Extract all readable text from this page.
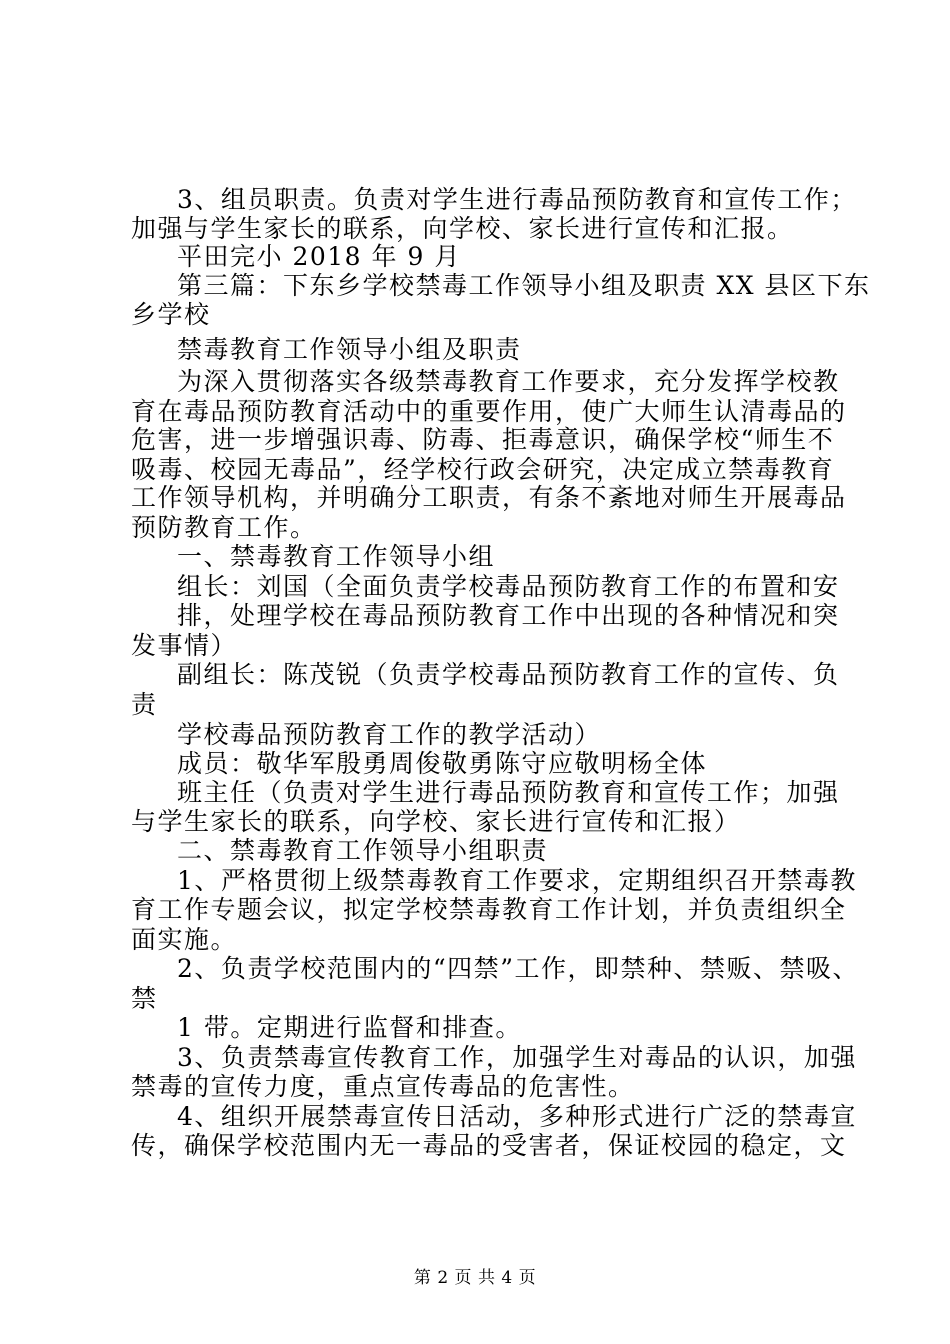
3、组员职责。负责对学生进行毒品预防教育和宣传工作；
加强与学生家长的联系，向学校、家长进行宣传和汇报。
平田完小 2018 年 9 月
第三篇：下东乡学校禁毒工作领导小组及职责 XX 县区下东
乡学校
禁毒教育工作领导小组及职责
为深入贯彻落实各级禁毒教育工作要求，充分发挥学校教
育在毒品预防教育活动中的重要作用，使广大师生认清毒品的
危害，进一步增强识毒、防毒、拒毒意识，确保学校“师生不
吸毒、校园无毒品”，经学校行政会研究，决定成立禁毒教育
工作领导机构，并明确分工职责，有条不紊地对师生开展毒品
预防教育工作。
一、禁毒教育工作领导小组
组长：刘国（全面负责学校毒品预防教育工作的布置和安
排，处理学校在毒品预防教育工作中出现的各种情况和突
发事情）
副组长：陈茂锐（负责学校毒品预防教育工作的宣传、负
责
学校毒品预防教育工作的教学活动）
成员：敬华军殷勇周俊敬勇陈守应敬明杨全体
班主任（负责对学生进行毒品预防教育和宣传工作；加强
与学生家长的联系，向学校、家长进行宣传和汇报）
二、禁毒教育工作领导小组职责
1、严格贯彻上级禁毒教育工作要求，定期组织召开禁毒教
育工作专题会议，拟定学校禁毒教育工作计划，并负责组织全
面实施。
2、负责学校范围内的“四禁”工作，即禁种、禁贩、禁吸、
禁
1 带。定期进行监督和排查。
3、负责禁毒宣传教育工作，加强学生对毒品的认识，加强
禁毒的宣传力度，重点宣传毒品的危害性。
4、组织开展禁毒宣传日活动，多种形式进行广泛的禁毒宣
传，确保学校范围内无一毒品的受害者，保证校园的稳定，文
第 2 页 共 4 页
